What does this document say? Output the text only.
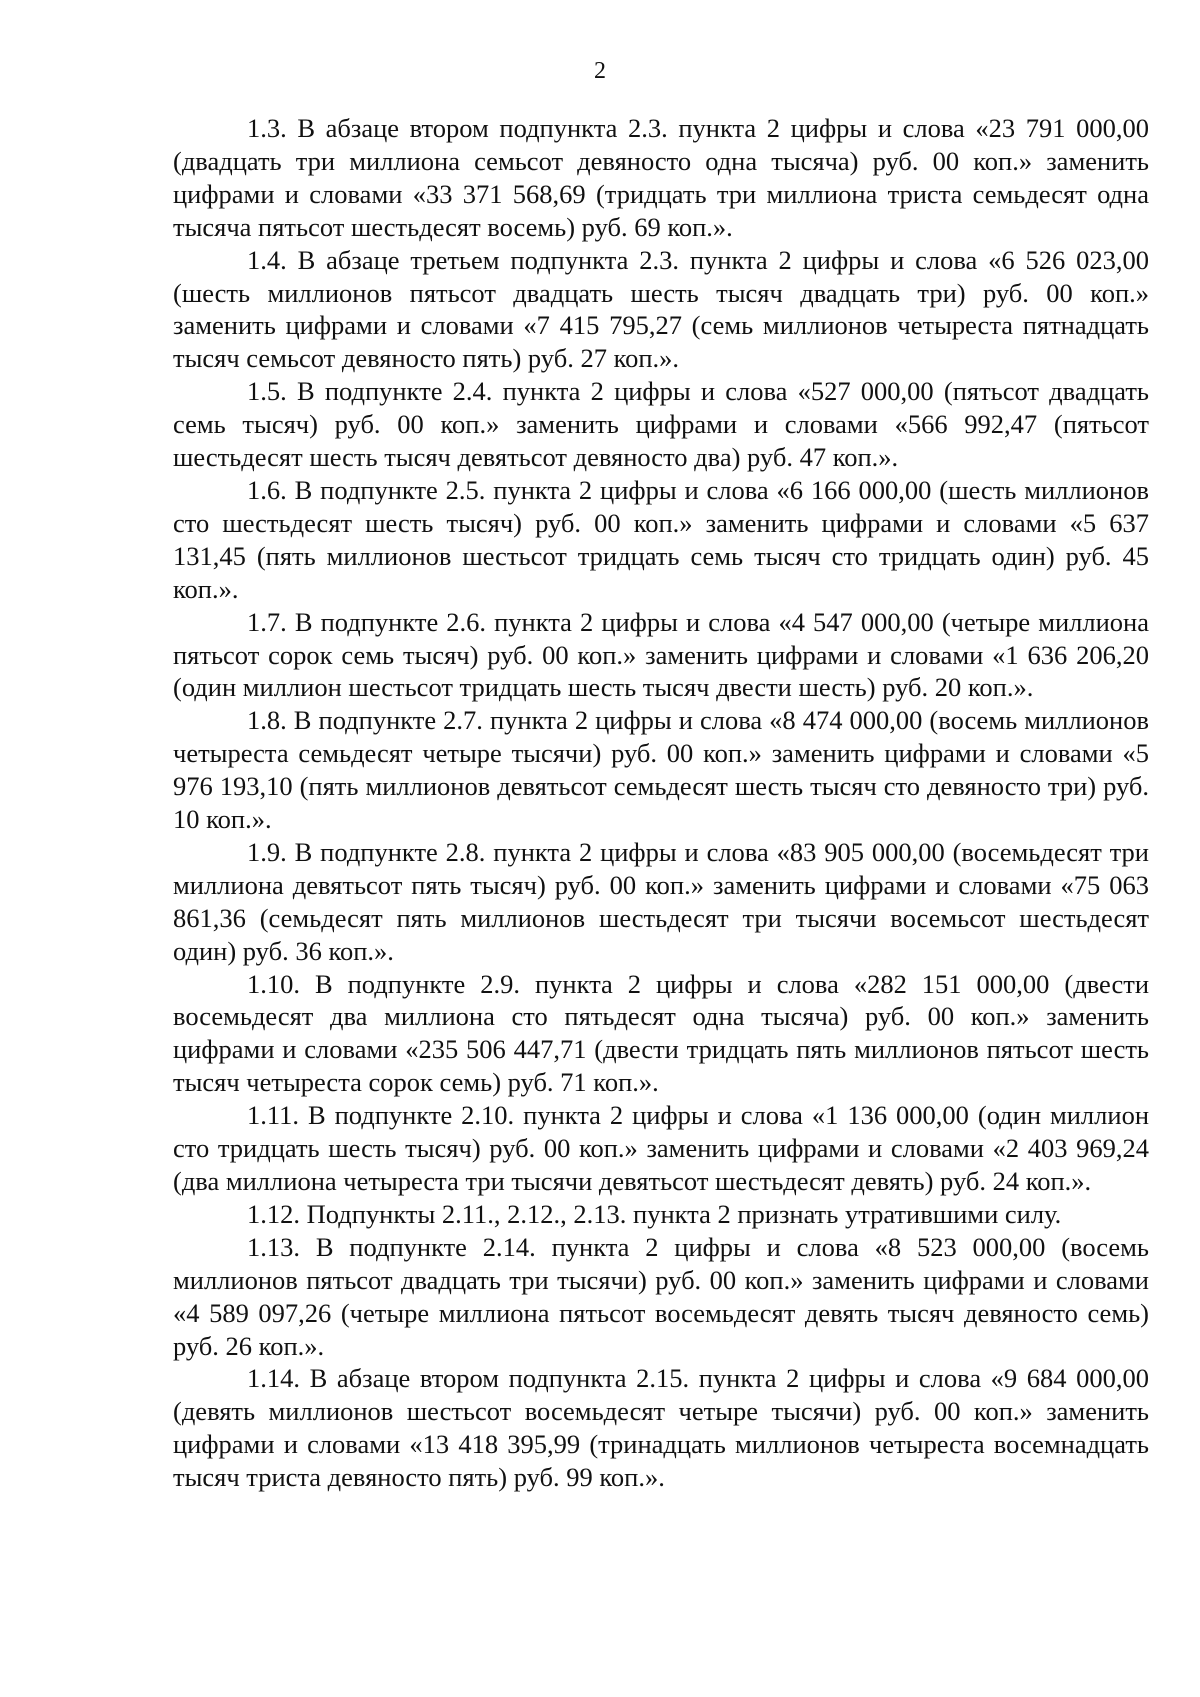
2

1.3. В абзаце втором подпункта 2.3. пункта 2 цифры и слова «23 791 000,00 (двадцать три миллиона семьсот девяносто одна тысяча) руб. 00 коп.» заменить цифрами и словами «33 371 568,69 (тридцать три миллиона триста семьдесят одна тысяча пятьсот шестьдесят восемь) руб. 69 коп.».

1.4. В абзаце третьем подпункта 2.3. пункта 2 цифры и слова «6 526 023,00 (шесть миллионов пятьсот двадцать шесть тысяч двадцать три) руб. 00 коп.» заменить цифрами и словами «7 415 795,27 (семь миллионов четыреста пятнадцать тысяч семьсот девяносто пять) руб. 27 коп.».

1.5. В подпункте 2.4. пункта 2 цифры и слова «527 000,00 (пятьсот двадцать семь тысяч) руб. 00 коп.» заменить цифрами и словами «566 992,47 (пятьсот шестьдесят шесть тысяч девятьсот девяносто два) руб. 47 коп.».

1.6. В подпункте 2.5. пункта 2 цифры и слова «6 166 000,00 (шесть миллионов сто шестьдесят шесть тысяч) руб. 00 коп.» заменить цифрами и словами «5 637 131,45 (пять миллионов шестьсот тридцать семь тысяч сто тридцать один) руб. 45 коп.».

1.7. В подпункте 2.6. пункта 2 цифры и слова «4 547 000,00 (четыре миллиона пятьсот сорок семь тысяч) руб. 00 коп.» заменить цифрами и словами «1 636 206,20 (один миллион шестьсот тридцать шесть тысяч двести шесть) руб. 20 коп.».

1.8. В подпункте 2.7. пункта 2 цифры и слова «8 474 000,00 (восемь миллионов четыреста семьдесят четыре тысячи) руб. 00 коп.» заменить цифрами и словами «5 976 193,10 (пять миллионов девятьсот семьдесят шесть тысяч сто девяносто три) руб. 10 коп.».

1.9. В подпункте 2.8. пункта 2 цифры и слова «83 905 000,00 (восемьдесят три миллиона девятьсот пять тысяч) руб. 00 коп.» заменить цифрами и словами «75 063 861,36 (семьдесят пять миллионов шестьдесят три тысячи восемьсот шестьдесят один) руб. 36 коп.».

1.10. В подпункте 2.9. пункта 2 цифры и слова «282 151 000,00 (двести восемьдесят два миллиона сто пятьдесят одна тысяча) руб. 00 коп.» заменить цифрами и словами «235 506 447,71 (двести тридцать пять миллионов пятьсот шесть тысяч четыреста сорок семь) руб. 71 коп.».

1.11. В подпункте 2.10. пункта 2 цифры и слова «1 136 000,00 (один миллион сто тридцать шесть тысяч) руб. 00 коп.» заменить цифрами и словами «2 403 969,24 (два миллиона четыреста три тысячи девятьсот шестьдесят девять) руб. 24 коп.».

1.12. Подпункты 2.11., 2.12., 2.13. пункта 2 признать утратившими силу.

1.13. В подпункте 2.14. пункта 2 цифры и слова «8 523 000,00 (восемь миллионов пятьсот двадцать три тысячи) руб. 00 коп.» заменить цифрами и словами «4 589 097,26 (четыре миллиона пятьсот восемьдесят девять тысяч девяносто семь) руб. 26 коп.».

1.14. В абзаце втором подпункта 2.15. пункта 2 цифры и слова «9 684 000,00 (девять миллионов шестьсот восемьдесят четыре тысячи) руб. 00 коп.» заменить цифрами и словами «13 418 395,99 (тринадцать миллионов четыреста восемнадцать тысяч триста девяносто пять) руб. 99 коп.».
